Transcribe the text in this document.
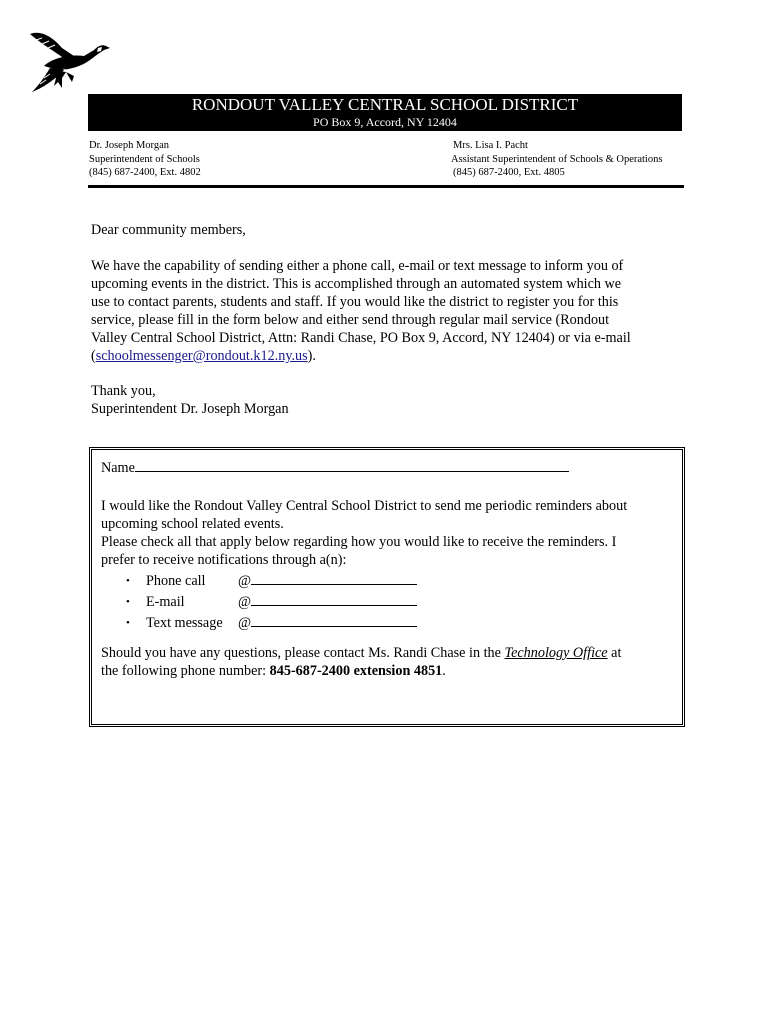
RONDOUT VALLEY CENTRAL SCHOOL DISTRICT
PO Box 9, Accord, NY 12404
Dr. Joseph Morgan
Superintendent of Schools
(845) 687-2400, Ext. 4802
Mrs. Lisa I. Pacht
Assistant Superintendent of Schools & Operations
(845) 687-2400, Ext. 4805
Dear community members,

We have the capability of sending either a phone call, e-mail or text message to inform you of

upcoming events in the district. This is accomplished through an automated system which we

use to contact parents, students and staff. If you would like the district to register you for this

service, please fill in the form below and either send through regular mail service (Rondout

Valley Central School District, Attn: Randi Chase, PO Box 9, Accord, NY 12404) or via e-mail

(schoolmessenger@rondout.k12.ny.us).

Thank you,

Superintendent Dr. Joseph Morgan

Name
I would like the Rondout Valley Central School District to send me periodic reminders about
upcoming school related events.
Please check all that apply below regarding how you would like to receive the reminders. I
prefer to receive notifications through a(n):
• Phone call @
• E-mail	@
• Text message @
Should you have any questions, please contact Ms. Randi Chase in the Technology Office at
the following phone number: 845-687-2400 extension 4851.
